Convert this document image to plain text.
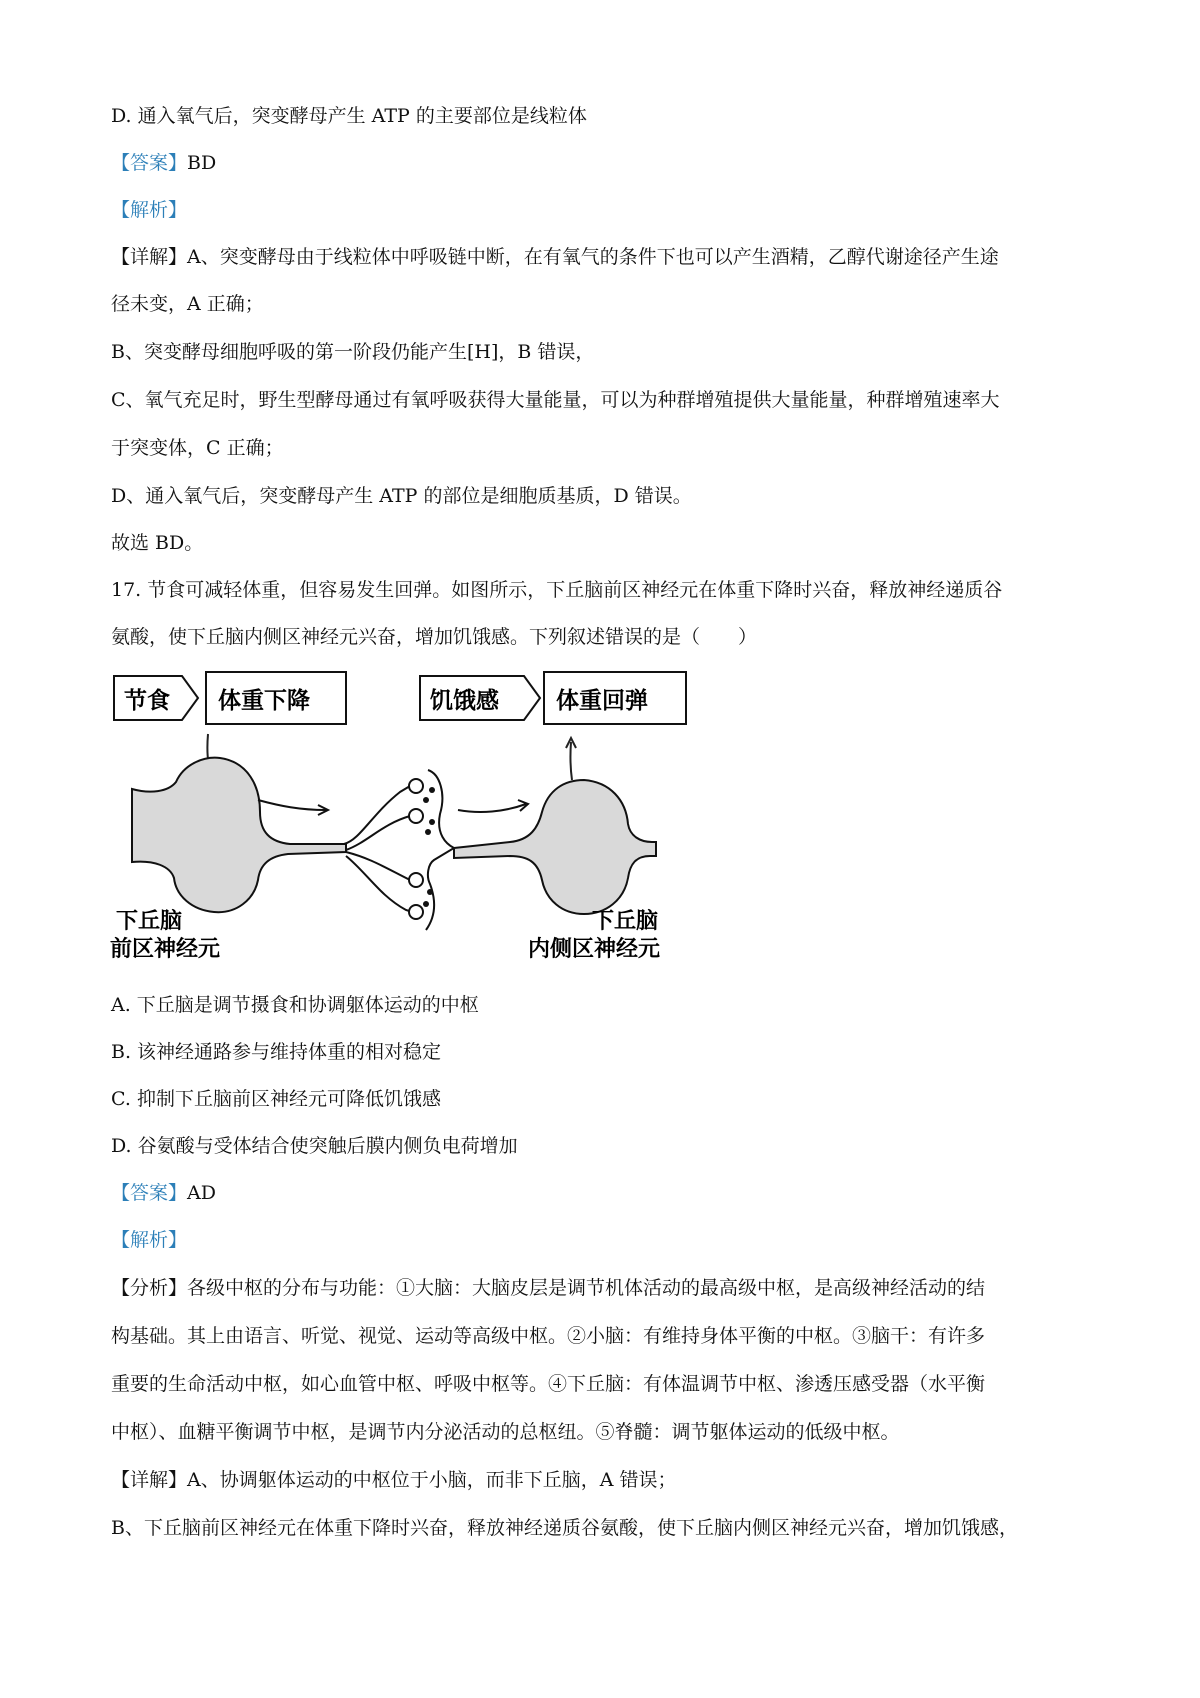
D. 通入氧气后，突变酵母产生 ATP 的主要部位是线粒体
【答案】BD
【解析】
【详解】A、突变酵母由于线粒体中呼吸链中断，在有氧气的条件下也可以产生酒精，乙醇代谢途径产生途
径未变，A 正确；
B、突变酵母细胞呼吸的第一阶段仍能产生[H]，B 错误，
C、氧气充足时，野生型酵母通过有氧呼吸获得大量能量，可以为种群增殖提供大量能量，种群增殖速率大
于突变体，C 正确；
D、通入氧气后，突变酵母产生 ATP 的部位是细胞质基质，D 错误。
故选 BD。
17. 节食可减轻体重，但容易发生回弹。如图所示，下丘脑前区神经元在体重下降时兴奋，释放神经递质谷
氨酸，使下丘脑内侧区神经元兴奋，增加饥饿感。下列叙述错误的是（　　）
A. 下丘脑是调节摄食和协调躯体运动的中枢
B. 该神经通路参与维持体重的相对稳定
C. 抑制下丘脑前区神经元可降低饥饿感
D. 谷氨酸与受体结合使突触后膜内侧负电荷增加
【答案】AD
【解析】
【分析】各级中枢的分布与功能：①大脑：大脑皮层是调节机体活动的最高级中枢，是高级神经活动的结
构基础。其上由语言、听觉、视觉、运动等高级中枢。②小脑：有维持身体平衡的中枢。③脑干：有许多
重要的生命活动中枢，如心血管中枢、呼吸中枢等。④下丘脑：有体温调节中枢、渗透压感受器（水平衡
中枢）、血糖平衡调节中枢，是调节内分泌活动的总枢纽。⑤脊髓：调节躯体运动的低级中枢。
【详解】A、协调躯体运动的中枢位于小脑，而非下丘脑，A 错误；
B、下丘脑前区神经元在体重下降时兴奋，释放神经递质谷氨酸，使下丘脑内侧区神经元兴奋，增加饥饿感，
节食 体重下降	饥饿感 体重回弹
下丘脑
前区神经元
下丘脑
内侧区神经元
